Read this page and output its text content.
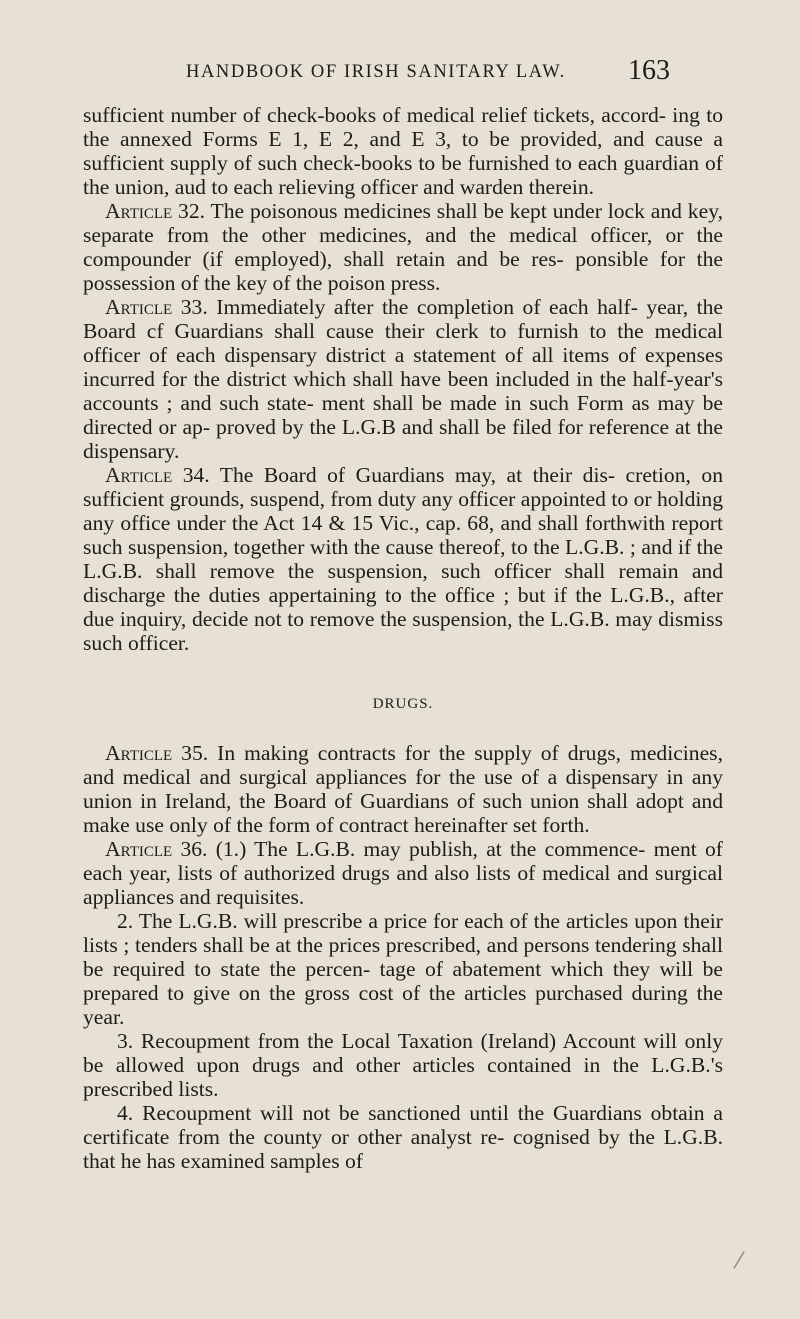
HANDBOOK OF IRISH SANITARY LAW.	163

sufficient number of check-books of medical relief tickets, accord- ing to the annexed Forms E 1, E 2, and E 3, to be provided, and cause a sufficient supply of such check-books to be furnished to each guardian of the union, aud to each relieving officer and warden therein.

Article 32. The poisonous medicines shall be kept under lock and key, separate from the other medicines, and the medical officer, or the compounder (if employed), shall retain and be res- ponsible for the possession of the key of the poison press.

Article 33. Immediately after the completion of each half- year, the Board cf Guardians shall cause their clerk to furnish to the medical officer of each dispensary district a statement of all items of expenses incurred for the district which shall have been included in the half-year's accounts ; and such state- ment shall be made in such Form as may be directed or ap- proved by the L.G.B and shall be filed for reference at the dispensary.

Article 34. The Board of Guardians may, at their dis- cretion, on sufficient grounds, suspend, from duty any officer appointed to or holding any office under the Act 14 & 15 Vic., cap. 68, and shall forthwith report such suspension, together with the cause thereof, to the L.G.B. ; and if the L.G.B. shall remove the suspension, such officer shall remain and discharge the duties appertaining to the office ; but if the L.G.B., after due inquiry, decide not to remove the suspension, the L.G.B. may dismiss such officer.

DRUGS.

Article 35. In making contracts for the supply of drugs, medicines, and medical and surgical appliances for the use of a dispensary in any union in Ireland, the Board of Guardians of such union shall adopt and make use only of the form of contract hereinafter set forth.

Article 36. (1.) The L.G.B. may publish, at the commence- ment of each year, lists of authorized drugs and also lists of medical and surgical appliances and requisites.

2. The L.G.B. will prescribe a price for each of the articles upon their lists ; tenders shall be at the prices prescribed, and persons tendering shall be required to state the percen- tage of abatement which they will be prepared to give on the gross cost of the articles purchased during the year.

3. Recoupment from the Local Taxation (Ireland) Account will only be allowed upon drugs and other articles contained in the L.G.B.'s prescribed lists.

4. Recoupment will not be sanctioned until the Guardians obtain a certificate from the county or other analyst re- cognised by the L.G.B. that he has examined samples of

/
